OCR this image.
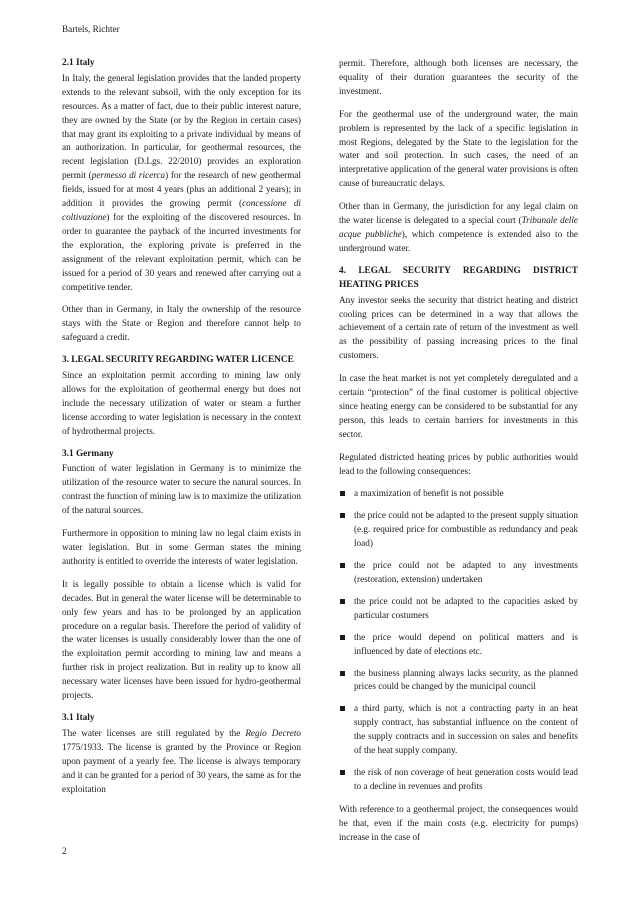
Bartels, Richter
2.1 Italy

In Italy, the general legislation provides that the landed property extends to the relevant subsoil, with the only exception for its resources. As a matter of fact, due to their public interest nature, they are owned by the State (or by the Region in certain cases) that may grant its exploiting to a private individual by means of an authorization. In particular, for geothermal resources, the recent legislation (D.Lgs. 22/2010) provides an exploration permit (permesso di ricerca) for the research of new geothermal fields, issued for at most 4 years (plus an additional 2 years); in addition it provides the growing permit (concessione di coltivazione) for the exploiting of the discovered resources. In order to guarantee the payback of the incurred investments for the exploration, the exploring private is preferred in the assignment of the relevant exploitation permit, which can be issued for a period of 30 years and renewed after carrying out a competitive tender.

Other than in Germany, in Italy the ownership of the resource stays with the State or Region and therefore cannot help to safeguard a credit.

3. LEGAL SECURITY REGARDING WATER LICENCE

Since an exploitation permit according to mining law only allows for the exploitation of geothermal energy but does not include the necessary utilization of water or steam a further license according to water legislation is necessary in the context of hydrothermal projects.

3.1 Germany

Function of water legislation in Germany is to minimize the utilization of the resource water to secure the natural sources. In contrast the function of mining law is to maximize the utilization of the natural sources.

Furthermore in opposition to mining law no legal claim exists in water legislation. But in some German states the mining authority is entitled to override the interests of water legislation.

It is legally possible to obtain a license which is valid for decades. But in general the water license will be determinable to only few years and has to be prolonged by an application procedure on a regular basis. Therefore the period of validity of the water licenses is usually considerably lower than the one of the exploitation permit according to mining law and means a further risk in project realization. But in reality up to know all necessary water licenses have been issued for hydro-geothermal projects.

3.1 Italy

The water licenses are still regulated by the Regio Decreto 1775/1933. The license is granted by the Province or Region upon payment of a yearly fee. The license is always temporary and it can be granted for a period of 30 years, the same as for the exploitation

permit. Therefore, although both licenses are necessary, the equality of their duration guarantees the security of the investment.

For the geothermal use of the underground water, the main problem is represented by the lack of a specific legislation in most Regions, delegated by the State to the legislation for the water and soil protection. In such cases, the need of an interpretative application of the general water provisions is often cause of bureaucratic delays.

Other than in Germany, the jurisdiction for any legal claim on the water license is delegated to a special court (Tribunale delle acque pubbliche), which competence is extended also to the underground water.

4. LEGAL SECURITY REGARDING DISTRICT HEATING PRICES

Any investor seeks the security that district heating and district cooling prices can be determined in a way that allows the achievement of a certain rate of return of the investment as well as the possibility of passing increasing prices to the final customers.

In case the heat market is not yet completely deregulated and a certain “protection” of the final customer is political objective since heating energy can be considered to be substantial for any person, this leads to certain barriers for investments in this sector.

Regulated districted heating prices by public authorities would lead to the following consequences:

a maximization of benefit is not possible
the price could not be adapted to the present supply situation (e.g. required price for combustible as redundancy and peak load)
the price could not be adapted to any investments (restoration, extension) undertaken
the price could not be adapted to the capacities asked by particular costumers
the price would depend on political matters and is influenced by date of elections etc.
the business planning always lacks security, as the planned prices could be changed by the municipal council
a third party, which is not a contracting party in an heat supply contract, has substantial influence on the content of the supply contracts and in succession on sales and benefits of the heat supply company.
the risk of non coverage of heat generation costs would lead to a decline in revenues and profits

With reference to a geothermal project, the consequences would be that, even if the main costs (e.g. electricity for pumps) increase in the case of

2
